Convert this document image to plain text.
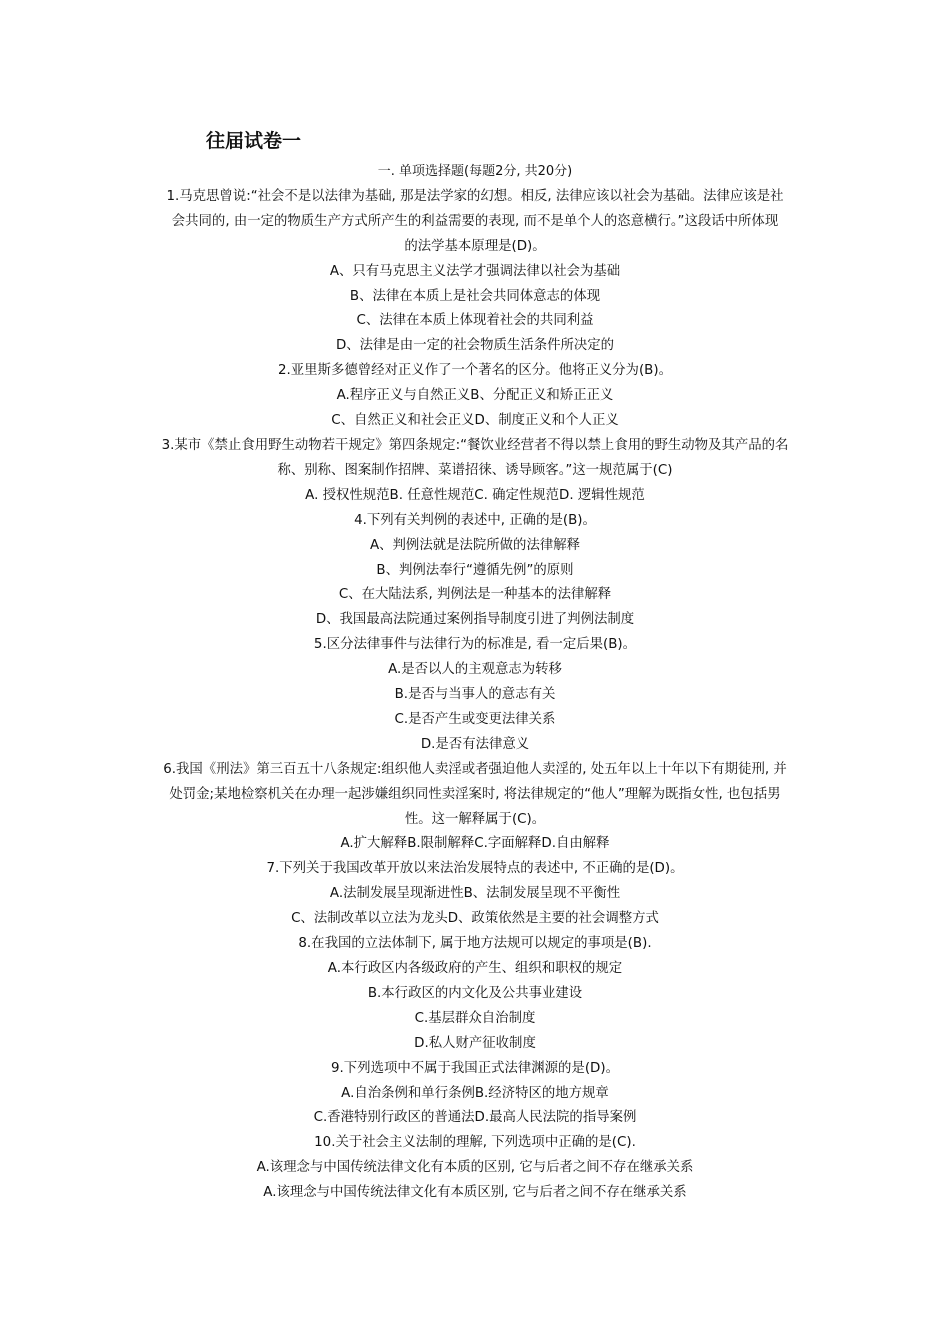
往届试卷一
一. 单项选择题(每题2分, 共20分)
1.马克思曾说:“社会不是以法律为基础, 那是法学家的幻想。相反, 法律应该以社会为基础。法律应该是社
会共同的, 由一定的物质生产方式所产生的利益需要的表现, 而不是单个人的恣意横行。”这段话中所体现
的法学基本原理是(D)。
A、只有马克思主义法学才强调法律以社会为基础
B、法律在本质上是社会共同体意志的体现
C、法律在本质上体现着社会的共同利益
D、法律是由一定的社会物质生活条件所决定的
2.亚里斯多德曾经对正义作了一个著名的区分。他将正义分为(B)。
A.程序正义与自然正义B、分配正义和矫正正义
C、自然正义和社会正义D、制度正义和个人正义
3.某市《禁止食用野生动物若干规定》第四条规定:“餐饮业经营者不得以禁上食用的野生动物及其产品的名
称、别称、图案制作招牌、菜谱招徕、诱导顾客。”这一规范属于(C)
A. 授权性规范B. 任意性规范C. 确定性规范D. 逻辑性规范
4.下列有关判例的表述中, 正确的是(B)。
A、判例法就是法院所做的法律解释
B、判例法奉行“遵循先例”的原则
C、在大陆法系, 判例法是一种基本的法律解释
D、我国最高法院通过案例指导制度引进了判例法制度
5.区分法律事件与法律行为的标准是, 看一定后果(B)。
A.是否以人的主观意志为转移
B.是否与当事人的意志有关
C.是否产生或变更法律关系
D.是否有法律意义
6.我国《刑法》第三百五十八条规定:组织他人卖淫或者强迫他人卖淫的, 处五年以上十年以下有期徒刑, 并
处罚金;某地检察机关在办理一起涉嫌组织同性卖淫案时, 将法律规定的“他人”理解为既指女性, 也包括男
性。这一解释属于(C)。
A.扩大解释B.限制解释C.字面解释D.自由解释
7.下列关于我国改革开放以来法治发展特点的表述中, 不正确的是(D)。
A.法制发展呈现渐进性B、法制发展呈现不平衡性
C、法制改革以立法为龙头D、政策依然是主要的社会调整方式
8.在我国的立法体制下, 属于地方法规可以规定的事项是(B).
A.本行政区内各级政府的产生、组织和职权的规定
B.本行政区的内文化及公共事业建设
C.基层群众自治制度
D.私人财产征收制度
9.下列选项中不属于我国正式法律渊源的是(D)。
A.自治条例和单行条例B.经济特区的地方规章
C.香港特别行政区的普通法D.最高人民法院的指导案例
10.关于社会主义法制的理解, 下列选项中正确的是(C).
A.该理念与中国传统法律文化有本质的区别, 它与后者之间不存在继承关系
A.该理念与中国传统法律文化有本质区别, 它与后者之间不存在继承关系
